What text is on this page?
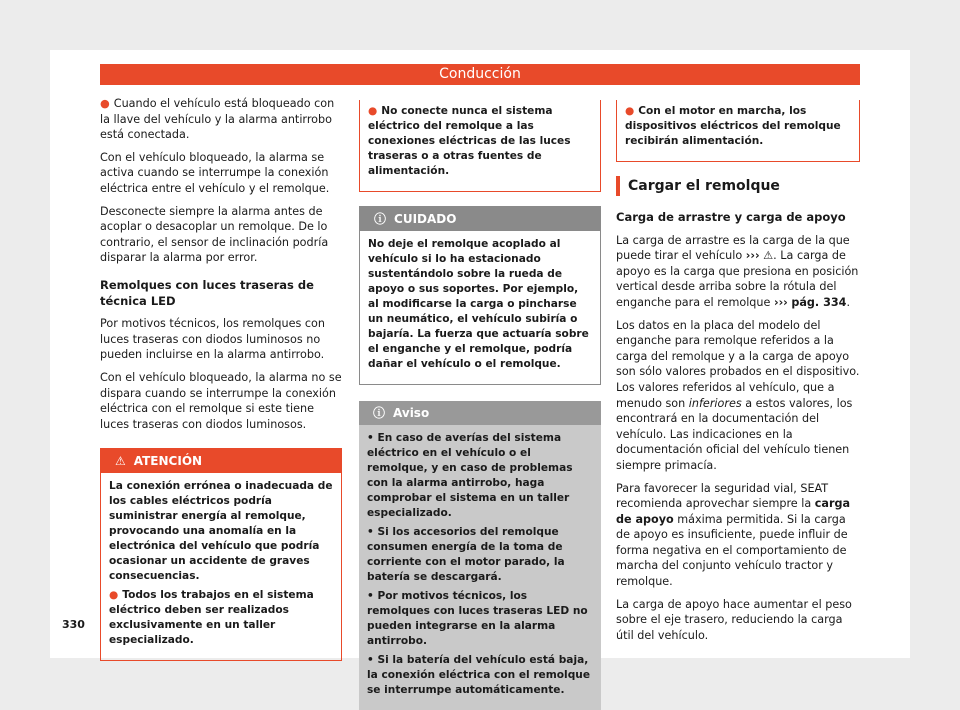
Conducción

● Cuando el vehículo está bloqueado con la llave del vehículo y la alarma antirrobo está conectada.

Con el vehículo bloqueado, la alarma se activa cuando se interrumpe la conexión eléctrica entre el vehículo y el remolque.

Desconecte siempre la alarma antes de acoplar o desacoplar un remolque. De lo contrario, el sensor de inclinación podría disparar la alarma por error.

Remolques con luces traseras de técnica LED

Por motivos técnicos, los remolques con luces traseras con diodos luminosos no pueden incluirse en la alarma antirrobo.

Con el vehículo bloqueado, la alarma no se dispara cuando se interrumpe la conexión eléctrica con el remolque si este tiene luces traseras con diodos luminosos.

⚠ ATENCIÓN

La conexión errónea o inadecuada de los cables eléctricos podría suministrar energía al remolque, provocando una anomalía en la electrónica del vehículo que podría ocasionar un accidente de graves consecuencias.

● Todos los trabajos en el sistema eléctrico deben ser realizados exclusivamente en un taller especializado.

● No conecte nunca el sistema eléctrico del remolque a las conexiones eléctricas de las luces traseras o a otras fuentes de alimentación.

ⓘ CUIDADO

No deje el remolque acoplado al vehículo si lo ha estacionado sustentándolo sobre la rueda de apoyo o sus soportes. Por ejemplo, al modificarse la carga o pincharse un neumático, el vehículo subiría o bajaría. La fuerza que actuaría sobre el enganche y el remolque, podría dañar el vehículo o el remolque.

ⓘ Aviso

• En caso de averías del sistema eléctrico en el vehículo o el remolque, y en caso de problemas con la alarma antirrobo, haga comprobar el sistema en un taller especializado.

• Si los accesorios del remolque consumen energía de la toma de corriente con el motor parado, la batería se descargará.

• Por motivos técnicos, los remolques con luces traseras LED no pueden integrarse en la alarma antirrobo.

• Si la batería del vehículo está baja, la conexión eléctrica con el remolque se interrumpe automáticamente.

● Con el motor en marcha, los dispositivos eléctricos del remolque recibirán alimentación.

Cargar el remolque

Carga de arrastre y carga de apoyo

La carga de arrastre es la carga de la que puede tirar el vehículo ››› ⚠. La carga de apoyo es la carga que presiona en posición vertical desde arriba sobre la rótula del enganche para el remolque ››› pág. 334.

Los datos en la placa del modelo del enganche para remolque referidos a la carga del remolque y a la carga de apoyo son sólo valores probados en el dispositivo. Los valores referidos al vehículo, que a menudo son inferiores a estos valores, los encontrará en la documentación del vehículo. Las indicaciones en la documentación oficial del vehículo tienen siempre primacía.

Para favorecer la seguridad vial, SEAT recomienda aprovechar siempre la carga de apoyo máxima permitida. Si la carga de apoyo es insuficiente, puede influir de forma negativa en el comportamiento de marcha del conjunto vehículo tractor y remolque.

La carga de apoyo hace aumentar el peso sobre el eje trasero, reduciendo la carga útil del vehículo.

330
